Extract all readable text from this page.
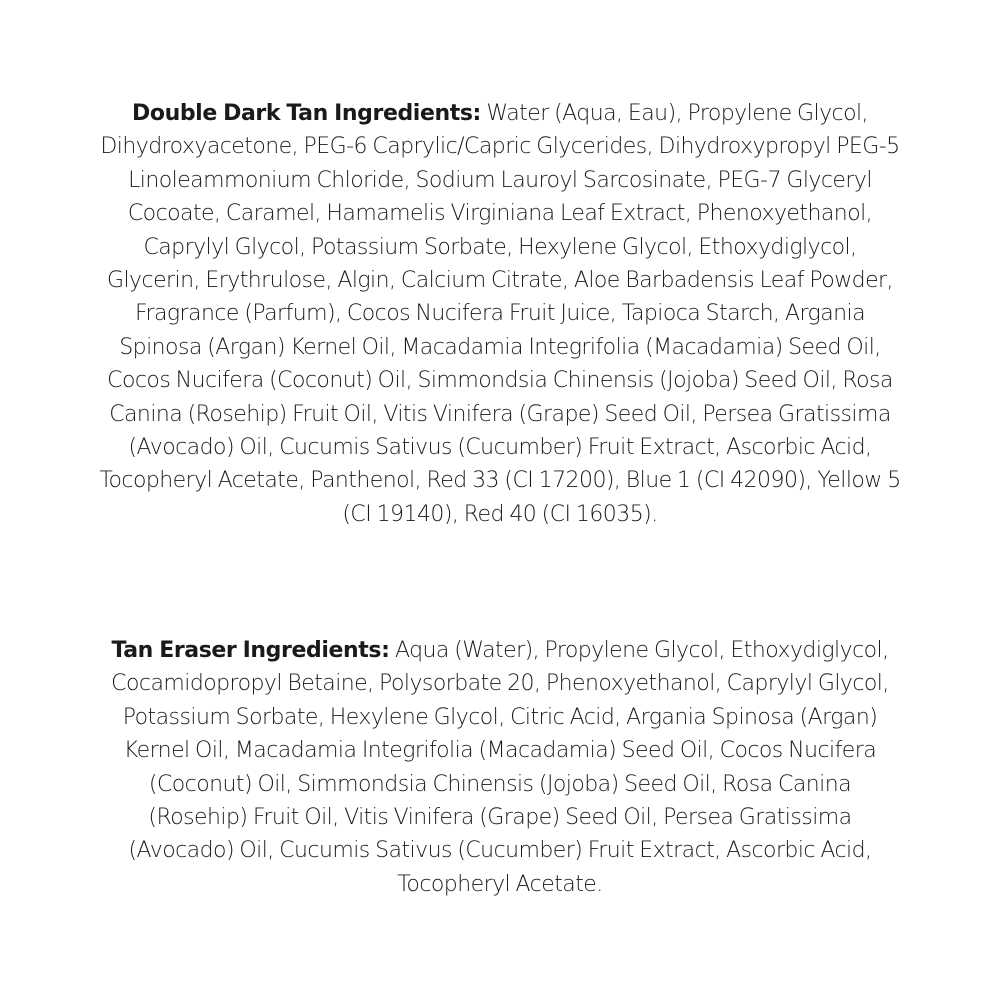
Double Dark Tan Ingredients: Water (Aqua, Eau), Propylene Glycol, Dihydroxyacetone, PEG-6 Caprylic/Capric Glycerides, Dihydroxypropyl PEG-5 Linoleammonium Chloride, Sodium Lauroyl Sarcosinate, PEG-7 Glyceryl Cocoate, Caramel, Hamamelis Virginiana Leaf Extract, Phenoxyethanol, Caprylyl Glycol, Potassium Sorbate, Hexylene Glycol, Ethoxydiglycol, Glycerin, Erythrulose, Algin, Calcium Citrate, Aloe Barbadensis Leaf Powder, Fragrance (Parfum), Cocos Nucifera Fruit Juice, Tapioca Starch, Argania Spinosa (Argan) Kernel Oil, Macadamia Integrifolia (Macadamia) Seed Oil, Cocos Nucifera (Coconut) Oil, Simmondsia Chinensis (Jojoba) Seed Oil, Rosa Canina (Rosehip) Fruit Oil, Vitis Vinifera (Grape) Seed Oil, Persea Gratissima (Avocado) Oil, Cucumis Sativus (Cucumber) Fruit Extract, Ascorbic Acid, Tocopheryl Acetate, Panthenol, Red 33 (CI 17200), Blue 1 (CI 42090), Yellow 5 (CI 19140), Red 40 (CI 16035).

Tan Eraser Ingredients: Aqua (Water), Propylene Glycol, Ethoxydiglycol, Cocamidopropyl Betaine, Polysorbate 20, Phenoxyethanol, Caprylyl Glycol, Potassium Sorbate, Hexylene Glycol, Citric Acid, Argania Spinosa (Argan) Kernel Oil, Macadamia Integrifolia (Macadamia) Seed Oil, Cocos Nucifera (Coconut) Oil, Simmondsia Chinensis (Jojoba) Seed Oil, Rosa Canina (Rosehip) Fruit Oil, Vitis Vinifera (Grape) Seed Oil, Persea Gratissima (Avocado) Oil, Cucumis Sativus (Cucumber) Fruit Extract, Ascorbic Acid, Tocopheryl Acetate.
